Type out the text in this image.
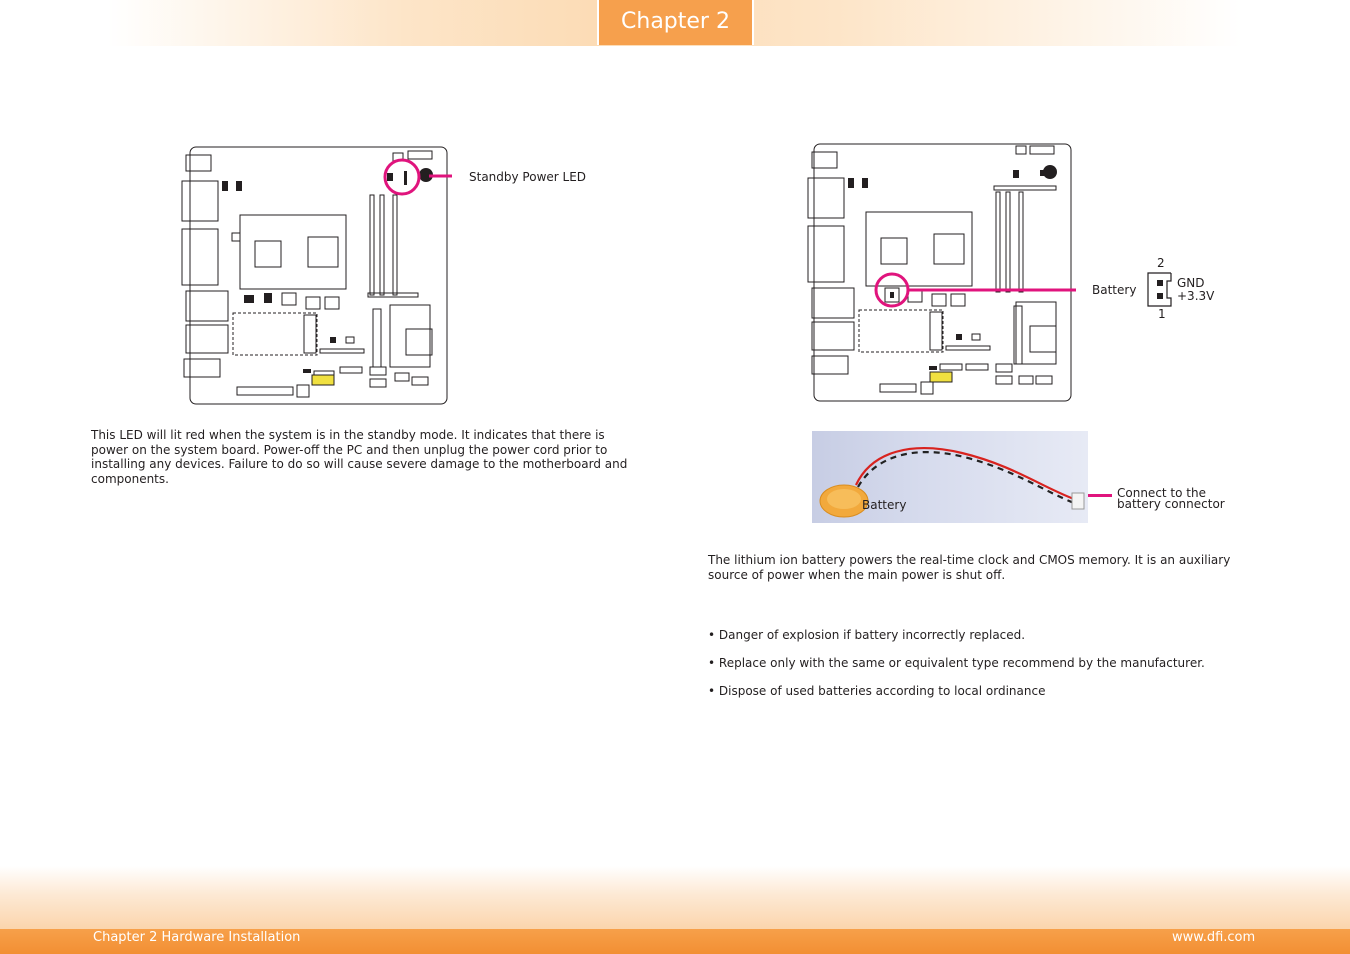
Chapter 2
Standby Power LED
This LED will lit red when the system is in the standby mode. It indicates that there is power on the system board. Power-off the PC and then unplug the power cord prior to installing any devices. Failure to do so will cause severe damage to the motherboard and components.
Battery
2
1
GND
+3.3V
Battery
Connect to the
battery connector
The lithium ion battery powers the real-time clock and CMOS memory. It is an auxiliary source of power when the main power is shut off.
• Danger of explosion if battery incorrectly replaced.
• Replace only with the same or equivalent type recommend by the manufacturer.
• Dispose of used batteries according to local ordinance
Chapter 2 Hardware Installation	www.dfi.com
